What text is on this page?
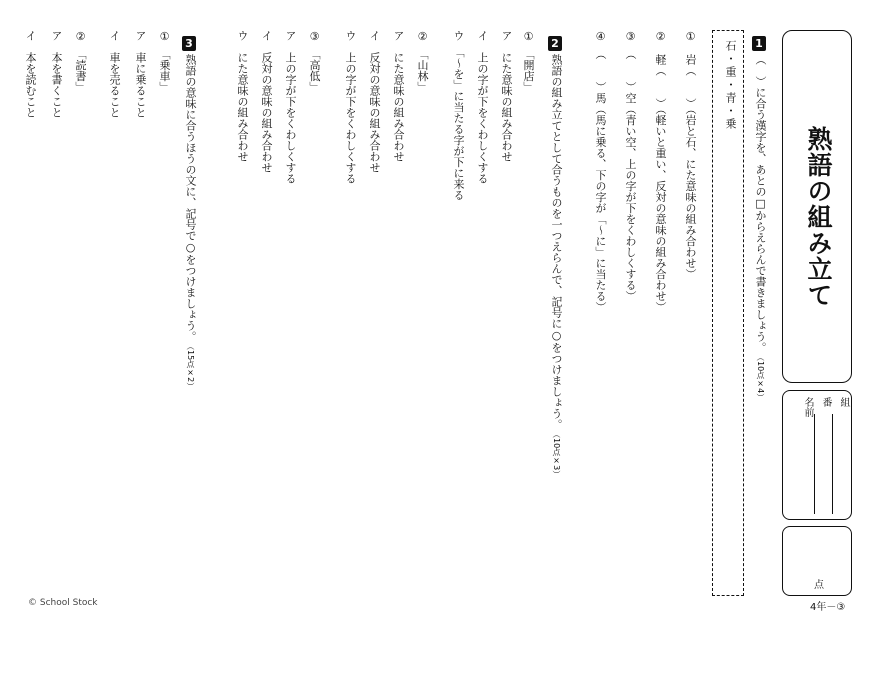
熟語の組み立て
組
番
名前
点
4年－③
© School Stock
1
（　）に合う漢字を、あとの□からえらんで書きましょう。（10点×4）
石・重・青・乗
①　岩（　　）（岩と石、にた意味の組み合わせ）
②　軽（　　）（軽いと重い、反対の意味の組み合わせ）
③　（　　）空（青い空、上の字が下をくわしくする）
④　（　　）馬（馬に乗る、下の字が「～に」に当たる）
2
熟語の組み立てとして合うものを一つえらんで、記号に○をつけましょう。（10点×3）
①　「開店」
ア　にた意味の組み合わせ
イ　上の字が下をくわしくする
ウ　「～を」に当たる字が下に来る
②　「山林」
ア　にた意味の組み合わせ
イ　反対の意味の組み合わせ
ウ　上の字が下をくわしくする
③　「高低」
ア　上の字が下をくわしくする
イ　反対の意味の組み合わせ
ウ　にた意味の組み合わせ
3
熟語の意味に合うほうの文に、記号で○をつけましょう。（15点×2）
①　「乗車」
ア　車に乗ること
イ　車を売ること
②　「読書」
ア　本を書くこと
イ　本を読むこと
